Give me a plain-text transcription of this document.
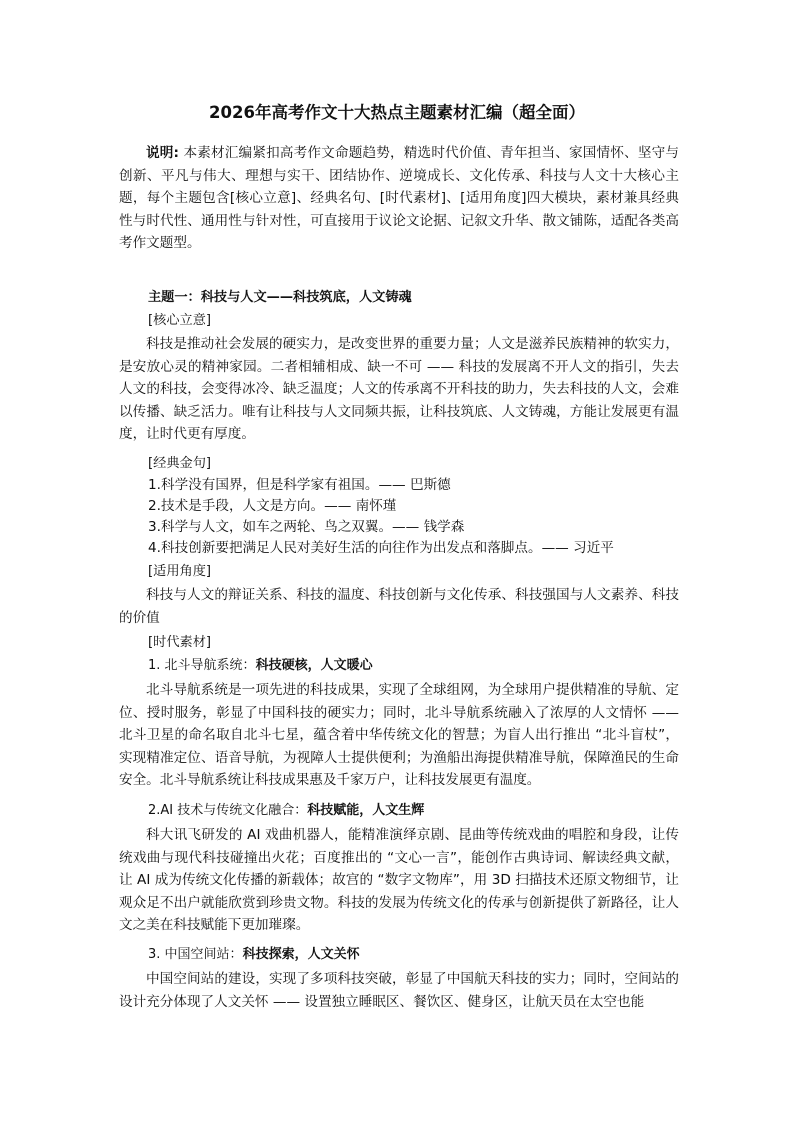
2026年高考作文十大热点主题素材汇编（超全面）

说明: 本素材汇编紧扣高考作文命题趋势，精选时代价值、青年担当、家国情怀、坚守与创新、平凡与伟大、理想与实干、团结协作、逆境成长、文化传承、科技与人文十大核心主题，每个主题包含[核心立意]、经典名句、[时代素材]、[适用角度]四大模块，素材兼具经典性与时代性、通用性与针对性，可直接用于议论文论据、记叙文升华、散文铺陈，适配各类高考作文题型。

主题一：科技与人文——科技筑底，人文铸魂

[核心立意]

科技是推动社会发展的硬实力，是改变世界的重要力量；人文是滋养民族精神的软实力，是安放心灵的精神家园。二者相辅相成、缺一不可 —— 科技的发展离不开人文的指引，失去人文的科技，会变得冰冷、缺乏温度；人文的传承离不开科技的助力，失去科技的人文，会难以传播、缺乏活力。唯有让科技与人文同频共振，让科技筑底、人文铸魂，方能让发展更有温度，让时代更有厚度。

[经典金句]

1.科学没有国界，但是科学家有祖国。—— 巴斯德

2.技术是手段，人文是方向。—— 南怀瑾

3.科学与人文，如车之两轮、鸟之双翼。—— 钱学森

4.科技创新要把满足人民对美好生活的向往作为出发点和落脚点。—— 习近平

[适用角度]

科技与人文的辩证关系、科技的温度、科技创新与文化传承、科技强国与人文素养、科技的价值

[时代素材]

1. 北斗导航系统：科技硬核，人文暖心

北斗导航系统是一项先进的科技成果，实现了全球组网，为全球用户提供精准的导航、定位、授时服务，彰显了中国科技的硬实力；同时，北斗导航系统融入了浓厚的人文情怀 —— 北斗卫星的命名取自北斗七星，蕴含着中华传统文化的智慧；为盲人出行推出 “北斗盲杖”，实现精准定位、语音导航，为视障人士提供便利；为渔船出海提供精准导航，保障渔民的生命安全。北斗导航系统让科技成果惠及千家万户，让科技发展更有温度。

2.AI 技术与传统文化融合：科技赋能，人文生辉

科大讯飞研发的 AI 戏曲机器人，能精准演绎京剧、昆曲等传统戏曲的唱腔和身段，让传统戏曲与现代科技碰撞出火花；百度推出的 “文心一言”，能创作古典诗词、解读经典文献，让 AI 成为传统文化传播的新载体；故宫的 “数字文物库”，用 3D 扫描技术还原文物细节，让观众足不出户就能欣赏到珍贵文物。科技的发展为传统文化的传承与创新提供了新路径，让人文之美在科技赋能下更加璀璨。

3. 中国空间站：科技探索，人文关怀

中国空间站的建设，实现了多项科技突破，彰显了中国航天科技的实力；同时，空间站的设计充分体现了人文关怀 —— 设置独立睡眠区、餐饮区、健身区，让航天员在太空也能
